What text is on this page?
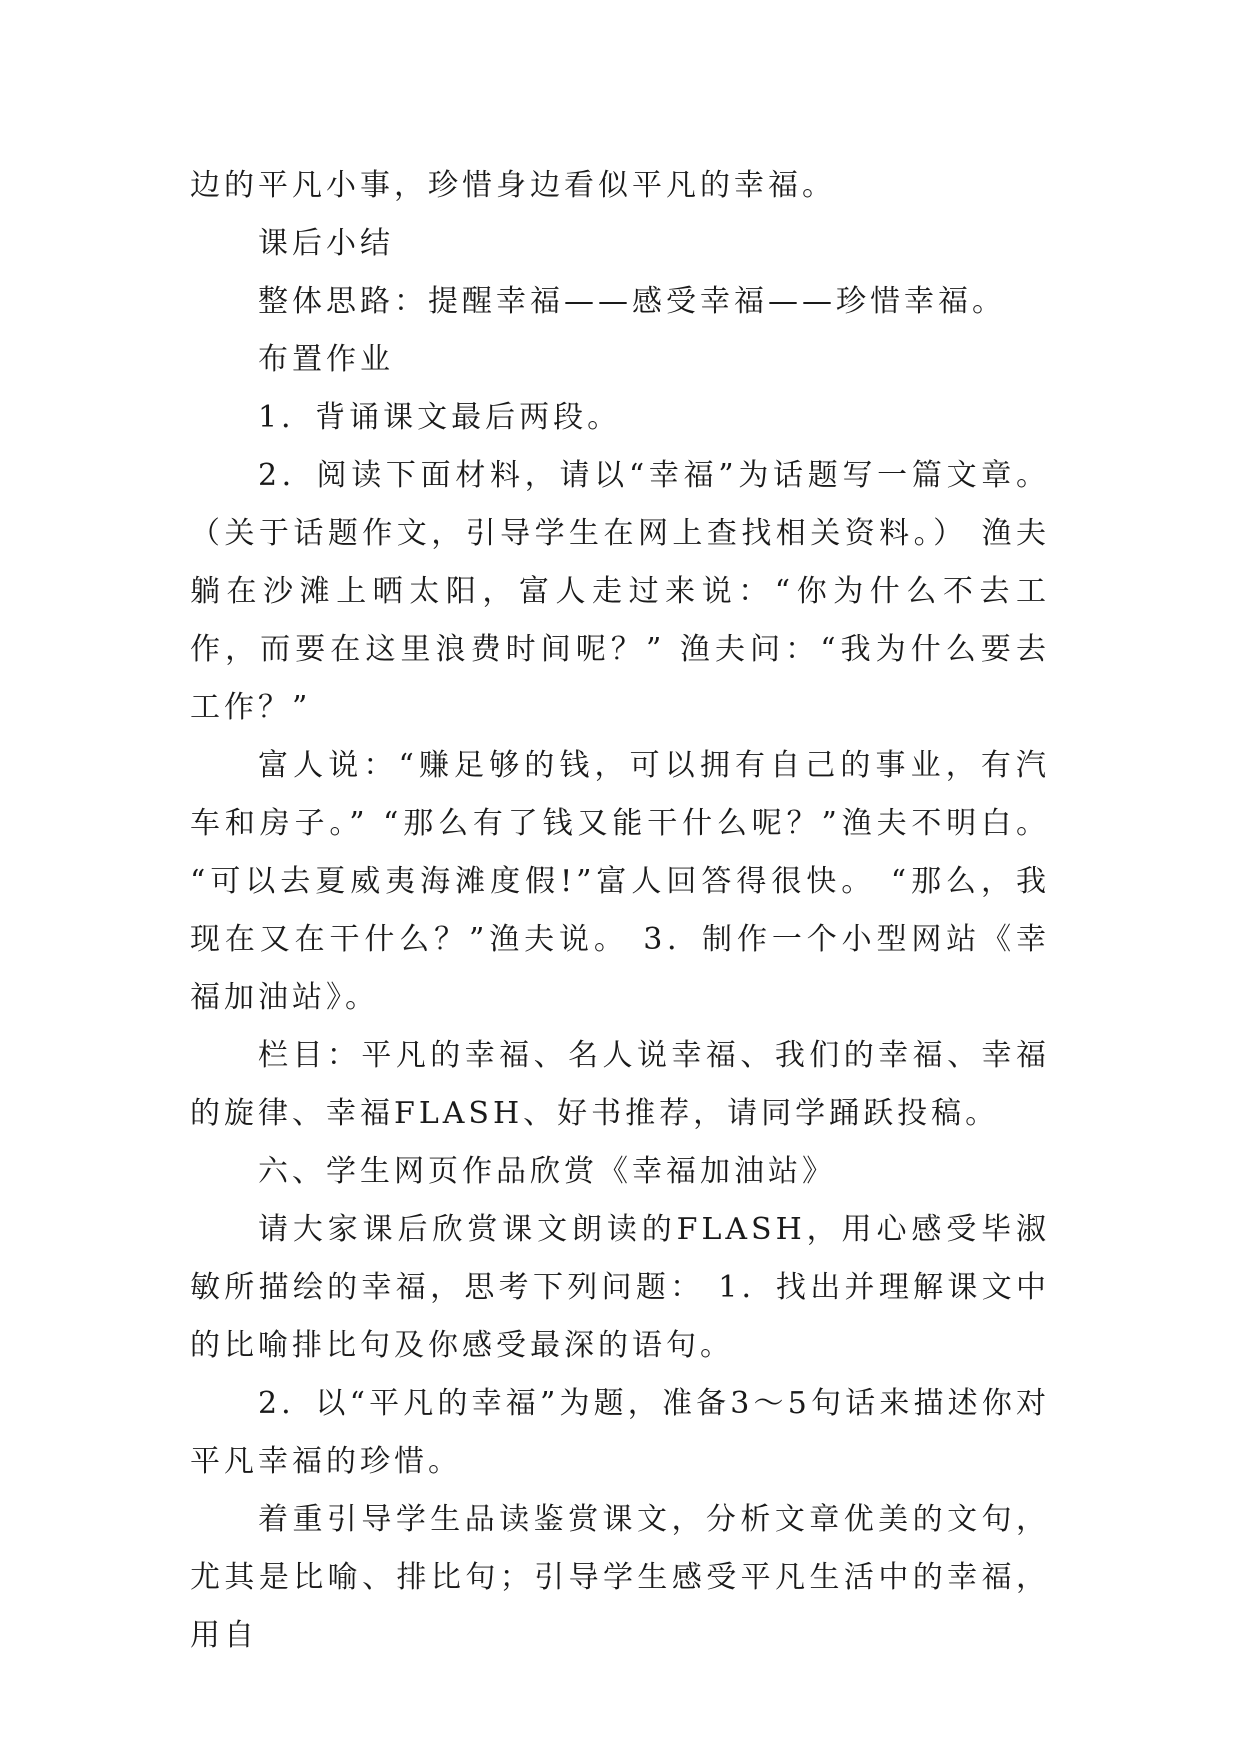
边的平凡小事，珍惜身边看似平凡的幸福。

课后小结

整体思路：提醒幸福——感受幸福——珍惜幸福。

布置作业

1．背诵课文最后两段。

2．阅读下面材料，请以“幸福”为话题写一篇文章。（关于话题作文，引导学生在网上查找相关资料。） 渔夫躺在沙滩上晒太阳，富人走过来说：“你为什么不去工作，而要在这里浪费时间呢？” 渔夫问：“我为什么要去工作？”

富人说：“赚足够的钱，可以拥有自己的事业，有汽车和房子。” “那么有了钱又能干什么呢？”渔夫不明白。 “可以去夏威夷海滩度假!”富人回答得很快。 “那么，我现在又在干什么？”渔夫说。 3．制作一个小型网站《幸福加油站》。

栏目：平凡的幸福、名人说幸福、我们的幸福、幸福的旋律、幸福FLASH、好书推荐，请同学踊跃投稿。

六、学生网页作品欣赏《幸福加油站》

请大家课后欣赏课文朗读的FLASH，用心感受毕淑敏所描绘的幸福，思考下列问题： 1．找出并理解课文中的比喻排比句及你感受最深的语句。

2．以“平凡的幸福”为题，准备3～5句话来描述你对平凡幸福的珍惜。

着重引导学生品读鉴赏课文，分析文章优美的文句，尤其是比喻、排比句；引导学生感受平凡生活中的幸福，用自
